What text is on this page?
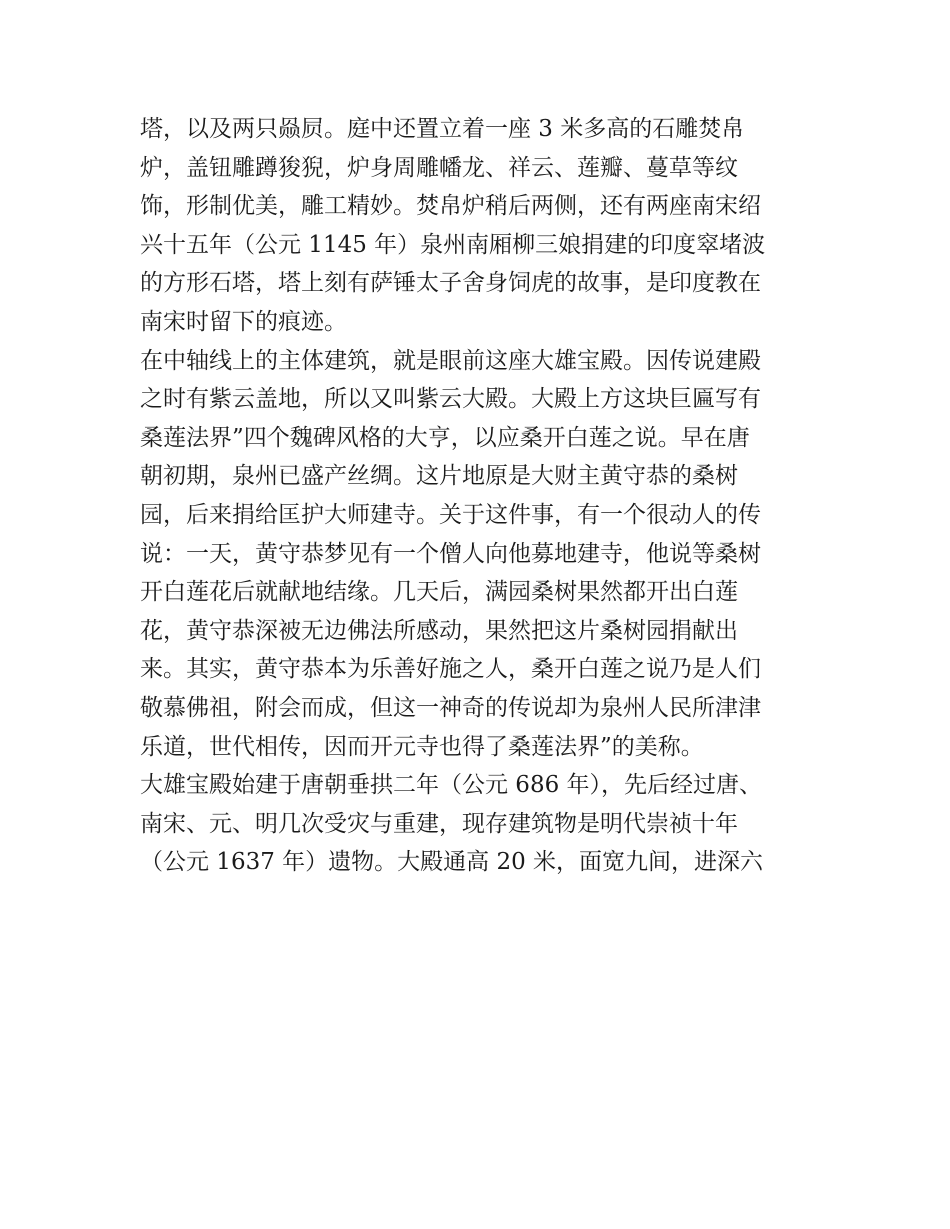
塔，以及两只赑屃。庭中还置立着一座 3 米多高的石雕焚帛
炉，盖钮雕蹲狻猊，炉身周雕幡龙、祥云、莲瓣、蔓草等纹
饰，形制优美，雕工精妙。焚帛炉稍后两侧，还有两座南宋绍
兴十五年（公元 1145 年）泉州南厢柳三娘捐建的印度窣堵波
的方形石塔，塔上刻有萨锤太子舍身饲虎的故事，是印度教在
南宋时留下的痕迹。
在中轴线上的主体建筑，就是眼前这座大雄宝殿。因传说建殿
之时有紫云盖地，所以又叫紫云大殿。大殿上方这块巨匾写有
桑莲法界”四个魏碑风格的大亨，以应桑开白莲之说。早在唐
朝初期，泉州已盛产丝绸。这片地原是大财主黄守恭的桑树
园，后来捐给匡护大师建寺。关于这件事，有一个很动人的传
说：一天，黄守恭梦见有一个僧人向他募地建寺，他说等桑树
开白莲花后就献地结缘。几天后，满园桑树果然都开出白莲
花，黄守恭深被无边佛法所感动，果然把这片桑树园捐献出
来。其实，黄守恭本为乐善好施之人，桑开白莲之说乃是人们
敬慕佛祖，附会而成，但这一神奇的传说却为泉州人民所津津
乐道，世代相传，因而开元寺也得了桑莲法界”的美称。
大雄宝殿始建于唐朝垂拱二年（公元 686 年），先后经过唐、
南宋、元、明几次受灾与重建，现存建筑物是明代崇祯十年
（公元 1637 年）遗物。大殿通高 20 米，面宽九间，进深六
